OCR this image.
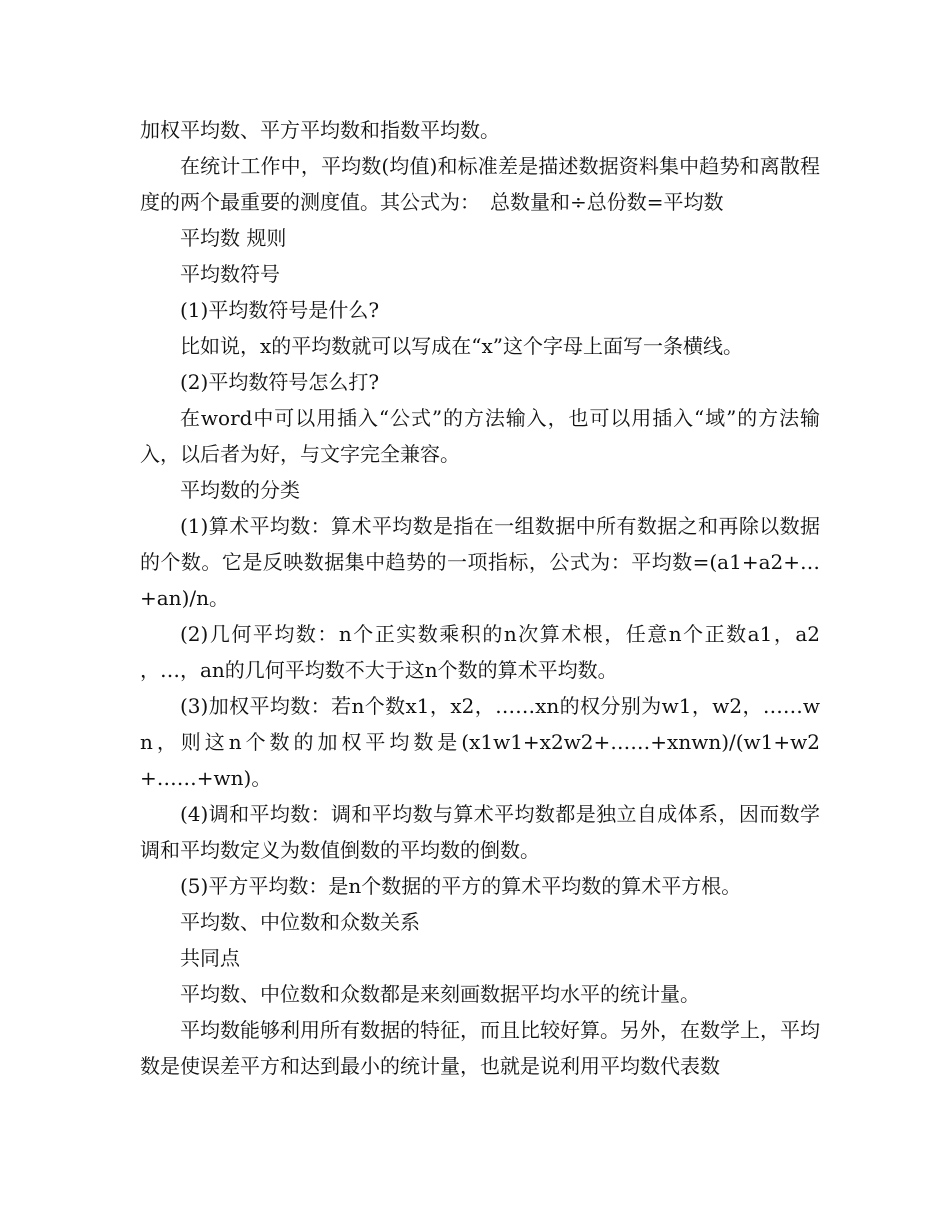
加权平均数、平方平均数和指数平均数。

在统计工作中，平均数(均值)和标准差是描述数据资料集中趋势和离散程度的两个最重要的测度值。其公式为：　总数量和÷总份数=平均数

平均数 规则

平均数符号

(1)平均数符号是什么?

比如说，x的平均数就可以写成在“x”这个字母上面写一条横线。

(2)平均数符号怎么打?

在word中可以用插入“公式”的方法输入，也可以用插入“域”的方法输入，以后者为好，与文字完全兼容。

平均数的分类

(1)算术平均数：算术平均数是指在一组数据中所有数据之和再除以数据的个数。它是反映数据集中趋势的一项指标，公式为：平均数=(a1+a2+…+an)/n。

(2)几何平均数：n个正实数乘积的n次算术根，任意n个正数a1，a2 ，…，an的几何平均数不大于这n个数的算术平均数。

(3)加权平均数：若n个数x1，x2，……xn的权分别为w1，w2，……wn，则这n个数的加权平均数是(x1w1+x2w2+……+xnwn)/(w1+w2+……+wn)。

(4)调和平均数：调和平均数与算术平均数都是独立自成体系，因而数学调和平均数定义为数值倒数的平均数的倒数。

(5)平方平均数：是n个数据的平方的算术平均数的算术平方根。

平均数、中位数和众数关系

共同点

平均数、中位数和众数都是来刻画数据平均水平的统计量。

平均数能够利用所有数据的特征，而且比较好算。另外，在数学上，平均数是使误差平方和达到最小的统计量，也就是说利用平均数代表数
